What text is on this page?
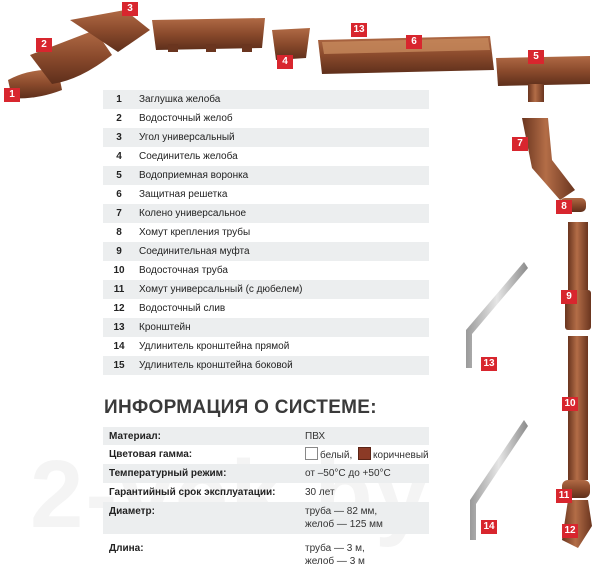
1
2
3
4
13
6
5
7
8
9
10
11
12
13
14
1	Заглушка желоба
2	Водосточный желоб
3	Угол универсальный
4	Соединитель желоба
5	Водоприемная воронка
6	Защитная решетка
7	Колено универсальное
8	Хомут крепления трубы
9	Соединительная муфта
10	Водосточная труба
11	Хомут универсальный (с дюбелем)
12	Водосточный слив
13	Кронштейн
14	Удлинитель кронштейна прямой
15	Удлинитель кронштейна боковой
ИНФОРМАЦИЯ О СИСТЕМЕ:
Материал:	ПВХ
Цветовая гамма:	белый, коричневый
Температурный режим:	от –50°С до +50°С
Гарантийный срок эксплуатации:	30 лет
Диаметр:	труба — 82 мм,
желоб — 125 мм
Длина:	труба — 3 м,
желоб — 3 м
